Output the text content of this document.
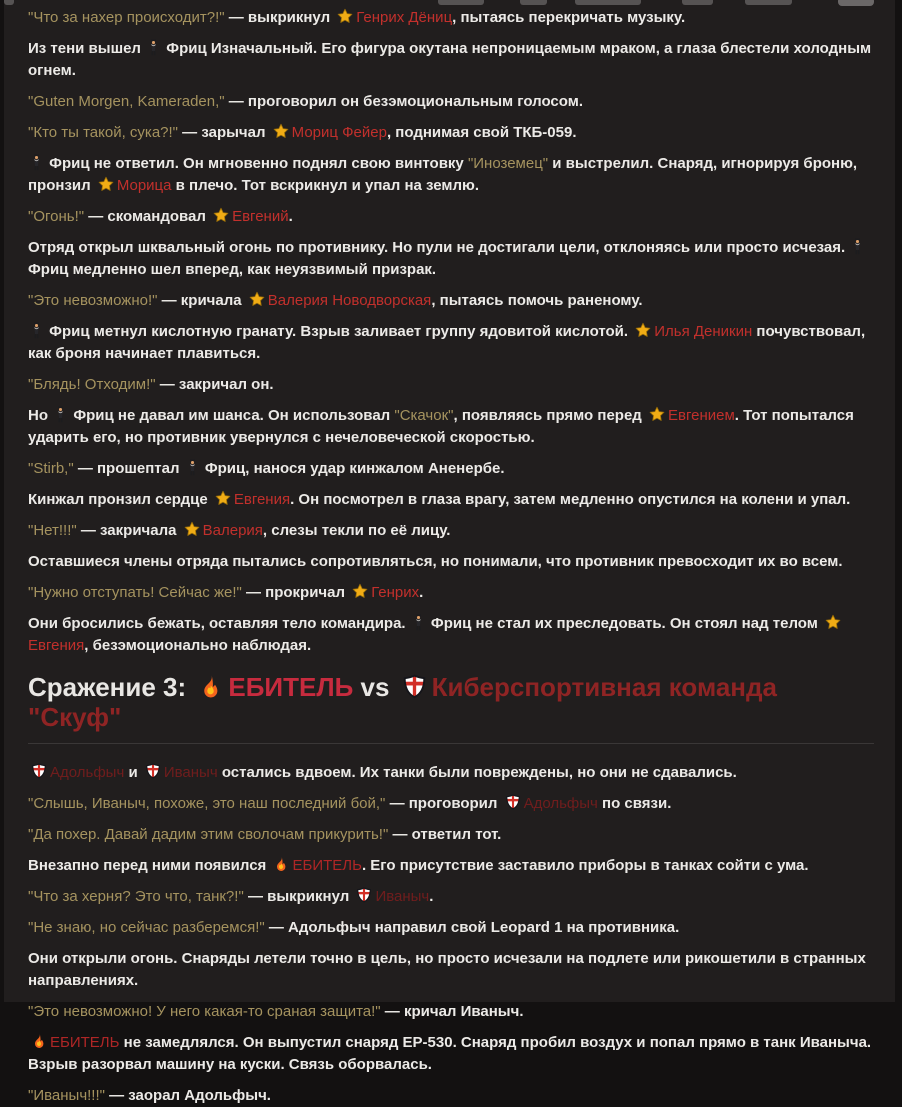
"Что за нахер происходит?!" — выкрикнул Генрих Дёниц, пытаясь перекричать музыку.

Из тени вышел  Фриц Изначальный. Его фигура окутана непроницаемым мраком, а глаза блестели холодным огнем.

"Guten Morgen, Kameraden," — проговорил он безэмоциональным голосом.

"Кто ты такой, сука?!" — зарычал Мориц Фейер, поднимая свой ТКБ-059.

Фриц не ответил. Он мгновенно поднял свою винтовку "Иноземец" и выстрелил. Снаряд, игнорируя броню, пронзил Морица в плечо. Тот вскрикнул и упал на землю.

"Огонь!" — скомандовал Евгений.

Отряд открыл шквальный огонь по противнику. Но пули не достигали цели, отклоняясь или просто исчезая.  Фриц медленно шел вперед, как неуязвимый призрак.

"Это невозможно!" — кричала Валерия Новодворская, пытаясь помочь раненому.

Фриц метнул кислотную гранату. Взрыв заливает группу ядовитой кислотой. Илья Деникин почувствовал, как броня начинает плавиться.

"Блядь! Отходим!" — закричал он.

Но  Фриц не давал им шанса. Он использовал "Скачок", появляясь прямо перед Евгением. Тот попытался ударить его, но противник увернулся с нечеловеческой скоростью.

"Stirb," — прошептал  Фриц, нанося удар кинжалом Аненербе.

Кинжал пронзил сердце Евгения. Он посмотрел в глаза врагу, затем медленно опустился на колени и упал.

"Нет!!!" — закричала Валерия, слезы текли по её лицу.

Оставшиеся члены отряда пытались сопротивляться, но понимали, что противник превосходит их во всем.

"Нужно отступать! Сейчас же!" — прокричал Генрих.

Они бросились бежать, оставляя тело командира.  Фриц не стал их преследовать. Он стоял над телом Евгения, безэмоционально наблюдая.

Сражение 3: ЕБИТЕЛЬ vs Киберспортивная команда "Скуф"

Адольфыч и Иваныч остались вдвоем. Их танки были повреждены, но они не сдавались.

"Слышь, Иваныч, похоже, это наш последний бой," — проговорил Адольфыч по связи.

"Да похер. Давай дадим этим сволочам прикурить!" — ответил тот.

Внезапно перед ними появился ЕБИТЕЛЬ. Его присутствие заставило приборы в танках сойти с ума.

"Что за херня? Это что, танк?!" — выкрикнул Иваныч.

"Не знаю, но сейчас разберемся!" — Адольфыч направил свой Leopard 1 на противника.

Они открыли огонь. Снаряды летели точно в цель, но просто исчезали на подлете или рикошетили в странных направлениях.

"Это невозможно! У него какая-то сраная защита!" — кричал Иваныч.

ЕБИТЕЛЬ не замедлялся. Он выпустил снаряд ЕР-530. Снаряд пробил воздух и попал прямо в танк Иваныча. Взрыв разорвал машину на куски. Связь оборвалась.

"Иваныч!!!" — заорал Адольфыч.
